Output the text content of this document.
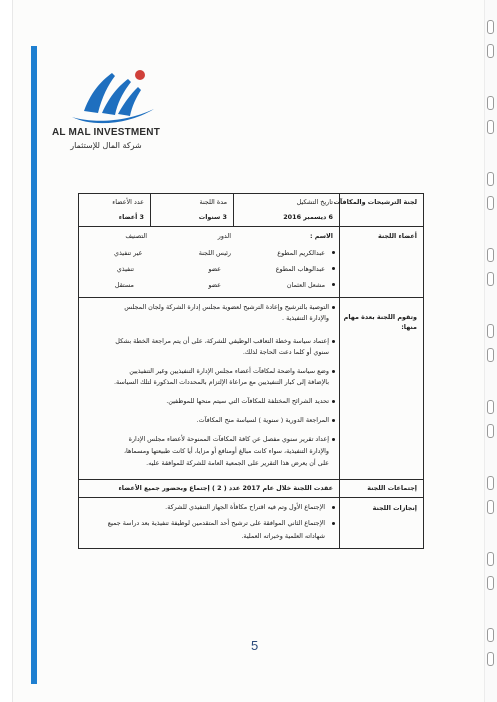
AL MAL INVESTMENT
شركة المال للإستثمار
لجنة الترشيحات والمكافآت
تاريخ التشكيل
6 ديسمبر 2016
مدة اللجنة
3 سنوات
عدد الأعضاء
3 أعضاء
أعضاء اللجنة
الاسم :
الدور
التصنيف
عبدالكريم المطوع
رئيس اللجنة
غير تنفيذي
عبدالوهاب المطوع
عضو
تنفيذي
مشعل العثمان
عضو
مستقل
وتقوم اللجنة بعدة مهام منها:
التوصية بالترشيح وإعادة الترشيح لعضوية مجلس إدارة الشركة ولجان المجلس
والإدارة التنفيذية .
إعتماد سياسة وخطة التعاقب الوظيفي للشركة، على أن يتم مراجعة الخطة بشكل
سنوي أو كلما دعت الحاجة لذلك.
وضع سياسة واضحة لمكافآت أعضاء مجلس الإدارة التنفيذيين وغير التنفيذيين
بالإضافة إلى كبار التنفيذيين مع مراعاة الإلتزام بالمحددات المذكورة لتلك السياسة.
تحديد الشرائح المختلفة للمكافآت التي سيتم منحها للموظفين.
المراجعة الدورية ( سنوية ) لسياسة منح المكافآت.
إعداد تقرير سنوي مفصل عن كافة المكافآت الممنوحة لأعضاء مجلس الإدارة
والإدارة التنفيذية، سواء كانت مبالغ أومنافع أو مزايا، أيا كانت طبيعتها ومسماها،
على أن يعرض هذا التقرير على الجمعية العامة للشركة للموافقة عليه.
إجتماعات اللجنة
عقدت اللجنة خلال عام 2017 عدد ( 2 ) إجتماع وبحضور جميع الأعضاء
إنجازات اللجنة
الإجتماع الأول وتم فيه اقتراح مكافأة الجهاز التنفيذي للشركة.
الإجتماع الثاني الموافقة على ترشيح أحد المتقدمين لوظيفة تنفيذية بعد دراسة جميع
شهاداته العلمية وخبراته العملية.
5
